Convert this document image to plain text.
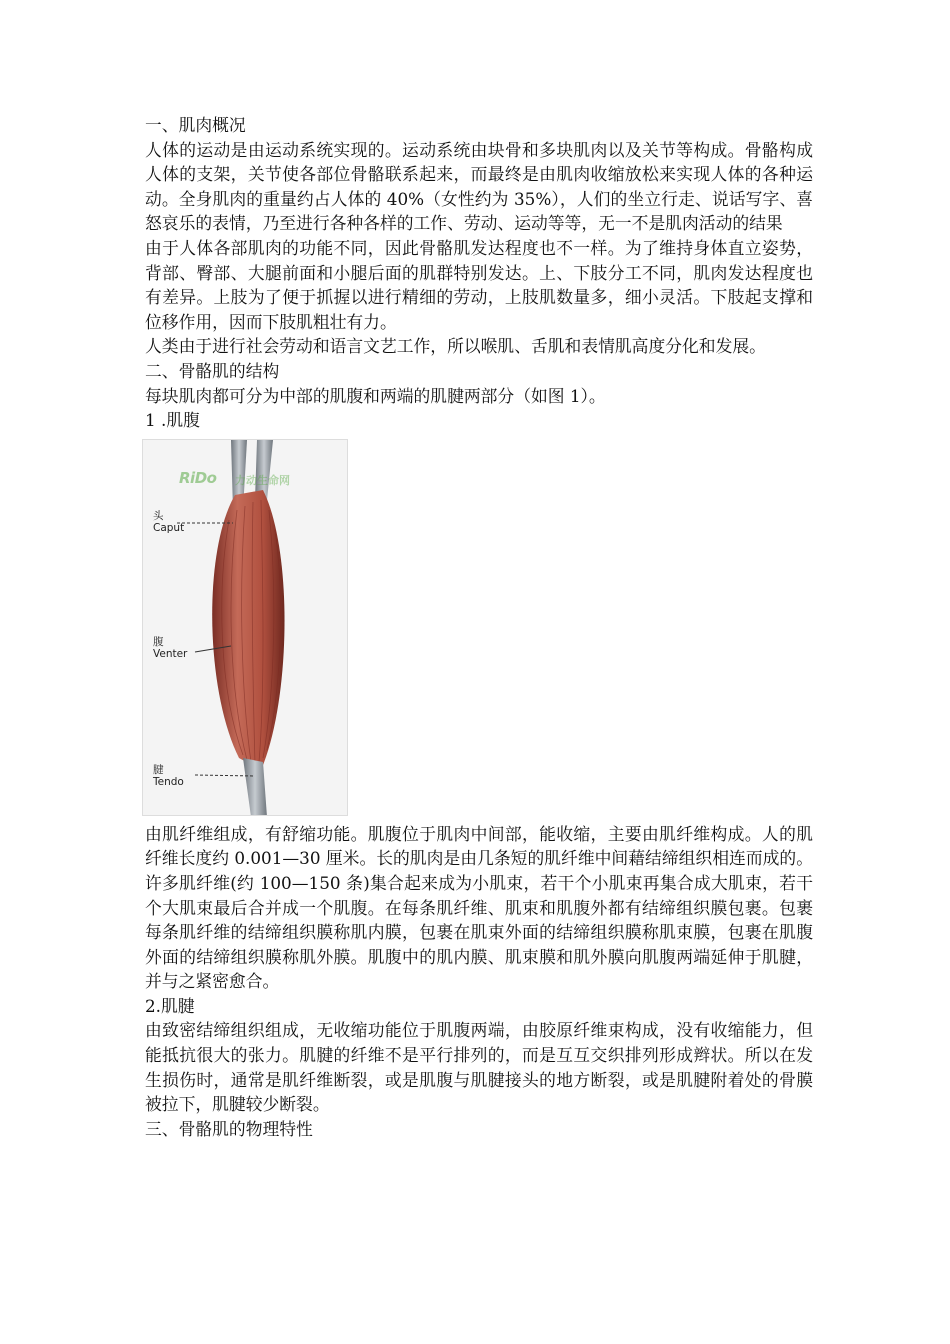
一、肌肉概况

人体的运动是由运动系统实现的。运动系统由块骨和多块肌肉以及关节等构成。骨骼构成人体的支架，关节使各部位骨骼联系起来，而最终是由肌肉收缩放松来实现人体的各种运动。全身肌肉的重量约占人体的 40%（女性约为 35%），人们的坐立行走、说话写字、喜怒哀乐的表情，乃至进行各种各样的工作、劳动、运动等等，无一不是肌肉活动的结果

由于人体各部肌肉的功能不同，因此骨骼肌发达程度也不一样。为了维持身体直立姿势，背部、臀部、大腿前面和小腿后面的肌群特别发达。上、下肢分工不同，肌肉发达程度也有差异。上肢为了便于抓握以进行精细的劳动，上肢肌数量多，细小灵活。下肢起支撑和位移作用，因而下肢肌粗壮有力。

人类由于进行社会劳动和语言文艺工作，所以喉肌、舌肌和表情肌高度分化和发展。

二、骨骼肌的结构

每块肌肉都可分为中部的肌腹和两端的肌腱两部分（如图 1）。

1 .肌腹

RiDo 力动生命网
头
Caput
腹
Venter
腱
Tendo

由肌纤维组成，有舒缩功能。肌腹位于肌肉中间部，能收缩，主要由肌纤维构成。人的肌纤维长度约 0.001—30 厘米。长的肌肉是由几条短的肌纤维中间藉结缔组织相连而成的。许多肌纤维(约 100—150 条)集合起来成为小肌束，若干个小肌束再集合成大肌束，若干个大肌束最后合并成一个肌腹。在每条肌纤维、肌束和肌腹外都有结缔组织膜包裹。包裹每条肌纤维的结缔组织膜称肌内膜，包裹在肌束外面的结缔组织膜称肌束膜，包裹在肌腹外面的结缔组织膜称肌外膜。肌腹中的肌内膜、肌束膜和肌外膜向肌腹两端延伸于肌腱，并与之紧密愈合。

2.肌腱

由致密结缔组织组成，无收缩功能位于肌腹两端，由胶原纤维束构成，没有收缩能力，但能抵抗很大的张力。肌腱的纤维不是平行排列的，而是互互交织排列形成辫状。所以在发生损伤时，通常是肌纤维断裂，或是肌腹与肌腱接头的地方断裂，或是肌腱附着处的骨膜被拉下，肌腱较少断裂。

三、骨骼肌的物理特性
